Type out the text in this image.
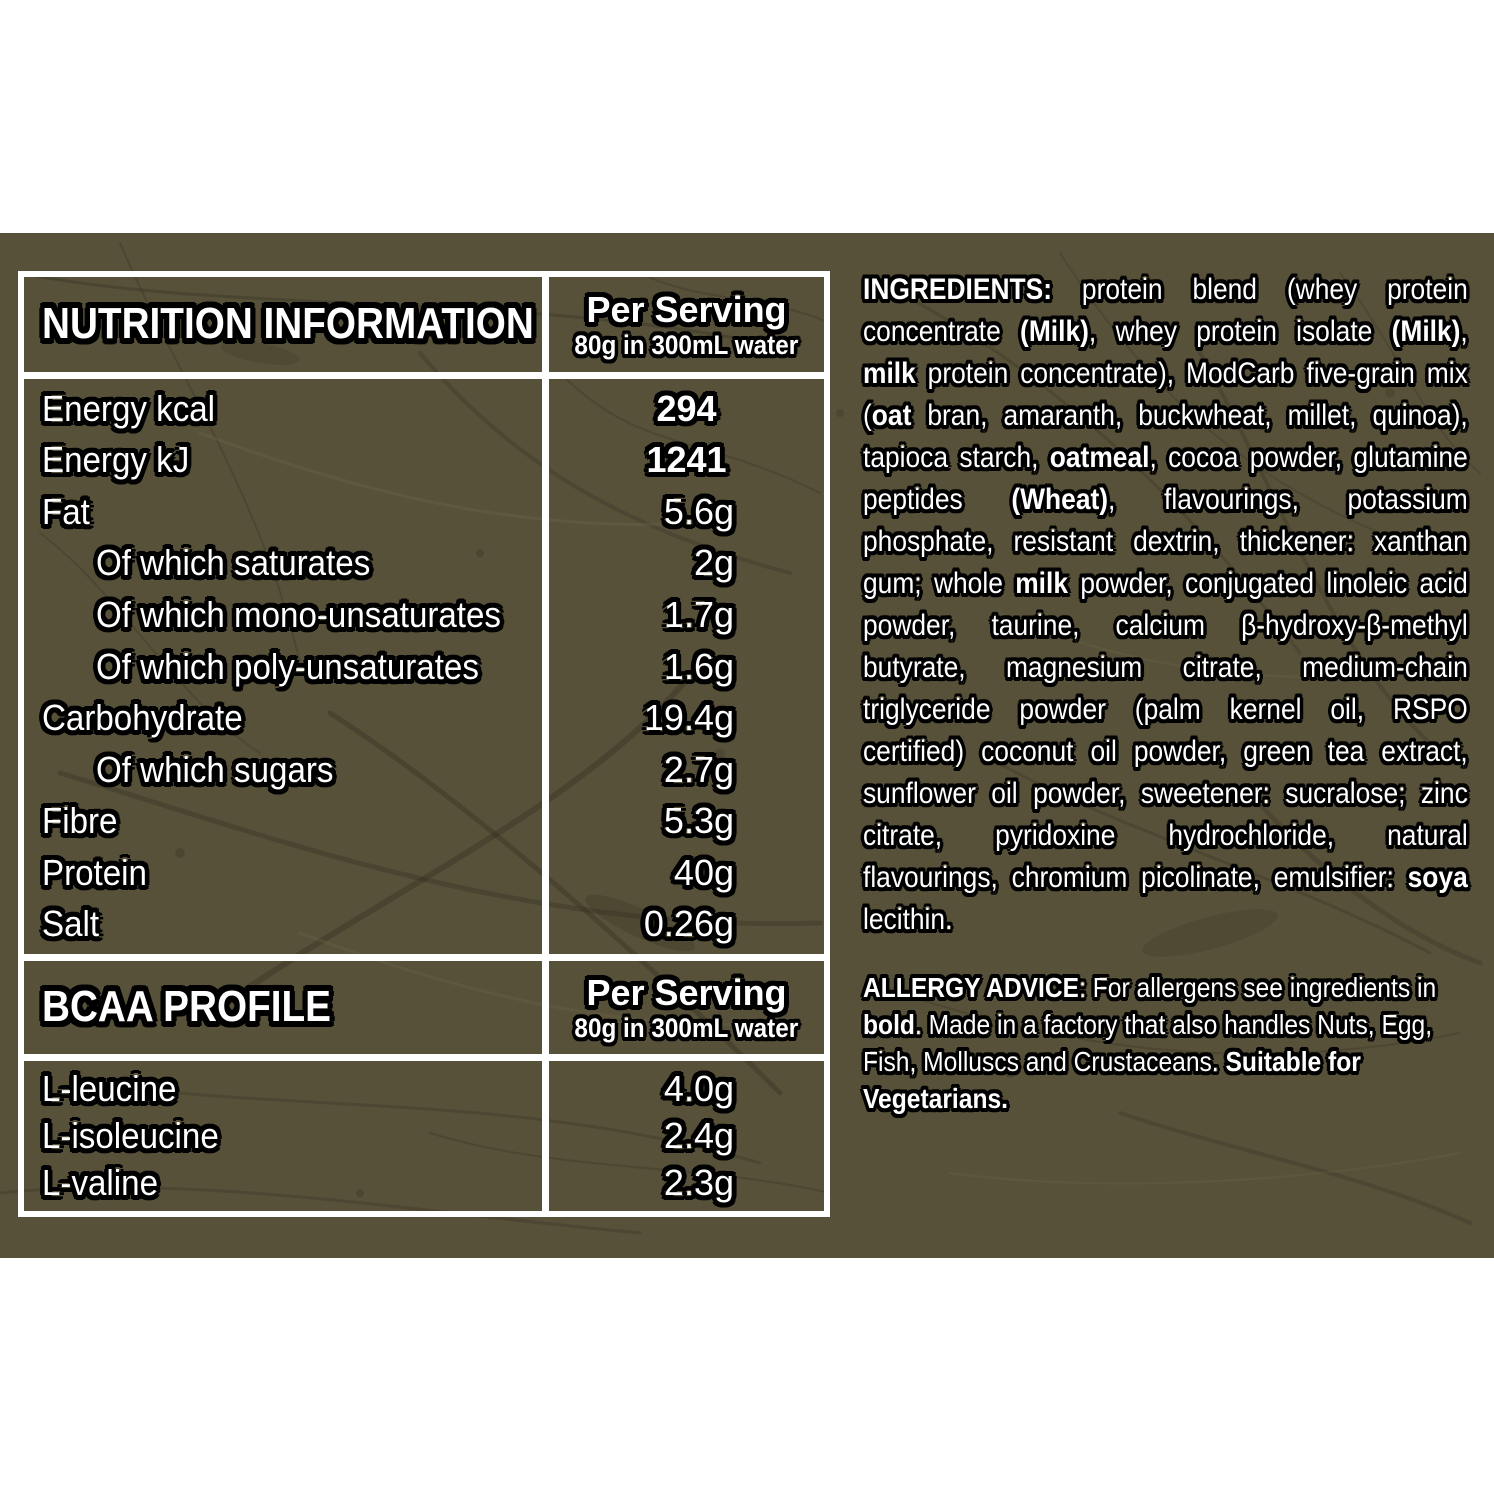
NUTRITION INFORMATION Per Serving
80g in 300mL water
Energy kcal	294
Energy kJ	1241
Fat	5.6g
Of which saturates	2g
Of which mono-unsaturates	1.7g
Of which poly-unsaturates	1.6g
Carbohydrate	19.4g
Of which sugars	2.7g
Fibre	5.3g
Protein	40g
Salt	0.26g
BCAA PROFILE	Per Serving
80g in 300mL water
L-leucine	4.0g
L-isoleucine	2.4g
L-valine	2.3g

INGREDIENTS: protein blend (whey protein concentrate (Milk), whey protein isolate (Milk), milk protein concentrate), ModCarb five-grain mix (oat bran, amaranth, buckwheat, millet, quinoa), tapioca starch, oatmeal, cocoa powder, glutamine peptides (Wheat), flavourings, potassium phosphate, resistant dextrin, thickener: xanthan gum; whole milk powder, conjugated linoleic acid powder, taurine, calcium β-hydroxy-β-methyl butyrate, magnesium citrate, medium-chain triglyceride powder (palm kernel oil, RSPO certified) coconut oil powder, green tea extract, sunflower oil powder, sweetener: sucralose; zinc citrate, pyridoxine hydrochloride, natural flavourings, chromium picolinate, emulsifier: soya lecithin.

ALLERGY ADVICE: For allergens see ingredients in bold. Made in a factory that also handles Nuts, Egg, Fish, Molluscs and Crustaceans. Suitable for Vegetarians.
